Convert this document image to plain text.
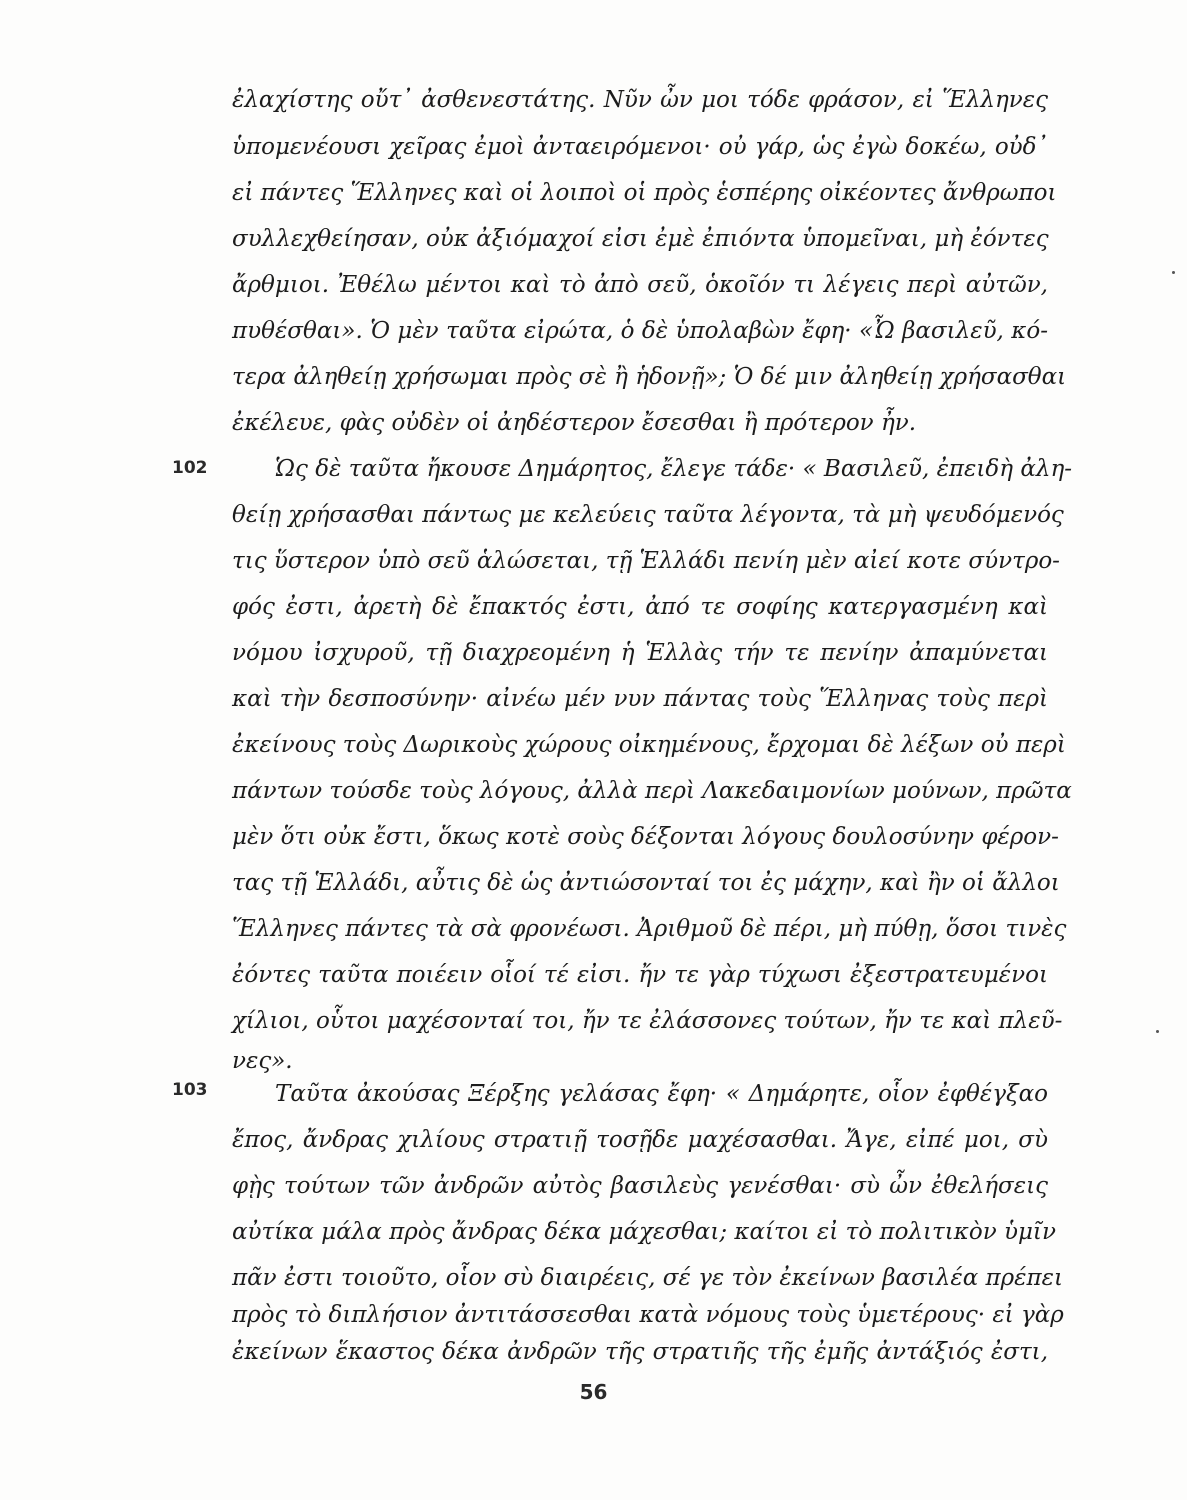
ἐλαχίστης οὔτ᾽ ἀσθενεστάτης. Νῦν ὦν μοι τόδε φράσον, εἰ Ἕλληνες
ὑπομενέουσι χεῖρας ἐμοὶ ἀνταειρόμενοι· οὐ γάρ, ὡς ἐγὼ δοκέω, οὐδ᾽
εἰ πάντες Ἕλληνες καὶ οἱ λοιποὶ οἱ πρὸς ἑσπέρης οἰκέοντες ἄνθρωποι
συλλεχθείησαν, οὐκ ἀξιόμαχοί εἰσι ἐμὲ ἐπιόντα ὑπομεῖναι, μὴ ἐόντες
ἄρθμιοι. Ἐθέλω μέντοι καὶ τὸ ἀπὸ σεῦ, ὁκοῖόν τι λέγεις περὶ αὐτῶν,
πυθέσθαι». Ὁ μὲν ταῦτα εἰρώτα, ὁ δὲ ὑπολαβὼν ἔφη· «Ὦ βασιλεῦ, κό-
τερα ἀληθείῃ χρήσωμαι πρὸς σὲ ἢ ἡδονῇ»; Ὁ δέ μιν ἀληθείῃ χρήσασθαι
ἐκέλευε, φὰς οὐδὲν οἱ ἀηδέστερον ἔσεσθαι ἢ πρότερον ἦν.
102	Ὡς δὲ ταῦτα ἤκουσε Δημάρητος, ἔλεγε τάδε· « Βασιλεῦ, ἐπειδὴ ἀλη-
θείῃ χρήσασθαι πάντως με κελεύεις ταῦτα λέγοντα, τὰ μὴ ψευδόμενός
τις ὕστερον ὑπὸ σεῦ ἁλώσεται, τῇ Ἑλλάδι πενίη μὲν αἰεί κοτε σύντρο-
φός ἐστι, ἀρετὴ δὲ ἔπακτός ἐστι, ἀπό τε σοφίης κατεργασμένη καὶ
νόμου ἰσχυροῦ, τῇ διαχρεομένη ἡ Ἑλλὰς τήν τε πενίην ἀπαμύνεται
καὶ τὴν δεσποσύνην· αἰνέω μέν νυν πάντας τοὺς Ἕλληνας τοὺς περὶ
ἐκείνους τοὺς Δωρικοὺς χώρους οἰκημένους, ἔρχομαι δὲ λέξων οὐ περὶ
πάντων τούσδε τοὺς λόγους, ἀλλὰ περὶ Λακεδαιμονίων μούνων, πρῶτα
μὲν ὅτι οὐκ ἔστι, ὅκως κοτὲ σοὺς δέξονται λόγους δουλοσύνην φέρον-
τας τῇ Ἑλλάδι, αὖτις δὲ ὡς ἀντιώσονταί τοι ἐς μάχην, καὶ ἢν οἱ ἄλλοι
Ἕλληνες πάντες τὰ σὰ φρονέωσι. Ἀριθμοῦ δὲ πέρι, μὴ πύθῃ, ὅσοι τινὲς
ἐόντες ταῦτα ποιέειν οἷοί τέ εἰσι. ἤν τε γὰρ τύχωσι ἐξεστρατευμένοι
χίλιοι, οὗτοι μαχέσονταί τοι, ἤν τε ἐλάσσονες τούτων, ἤν τε καὶ πλεῦ-
νες».
103	Ταῦτα ἀκούσας Ξέρξης γελάσας ἔφη· « Δημάρητε, οἷον ἐφθέγξαο
ἔπος, ἄνδρας χιλίους στρατιῇ τοσῇδε μαχέσασθαι. Ἄγε, εἰπέ μοι, σὺ
φῂς τούτων τῶν ἀνδρῶν αὐτὸς βασιλεὺς γενέσθαι· σὺ ὦν ἐθελήσεις
αὐτίκα μάλα πρὸς ἄνδρας δέκα μάχεσθαι; καίτοι εἰ τὸ πολιτικὸν ὑμῖν
πᾶν ἐστι τοιοῦτο, οἷον σὺ διαιρέεις, σέ γε τὸν ἐκείνων βασιλέα πρέπει
πρὸς τὸ διπλήσιον ἀντιτάσσεσθαι κατὰ νόμους τοὺς ὑμετέρους· εἰ γὰρ
ἐκείνων ἕκαστος δέκα ἀνδρῶν τῆς στρατιῆς τῆς ἐμῆς ἀντάξιός ἐστι,
56
